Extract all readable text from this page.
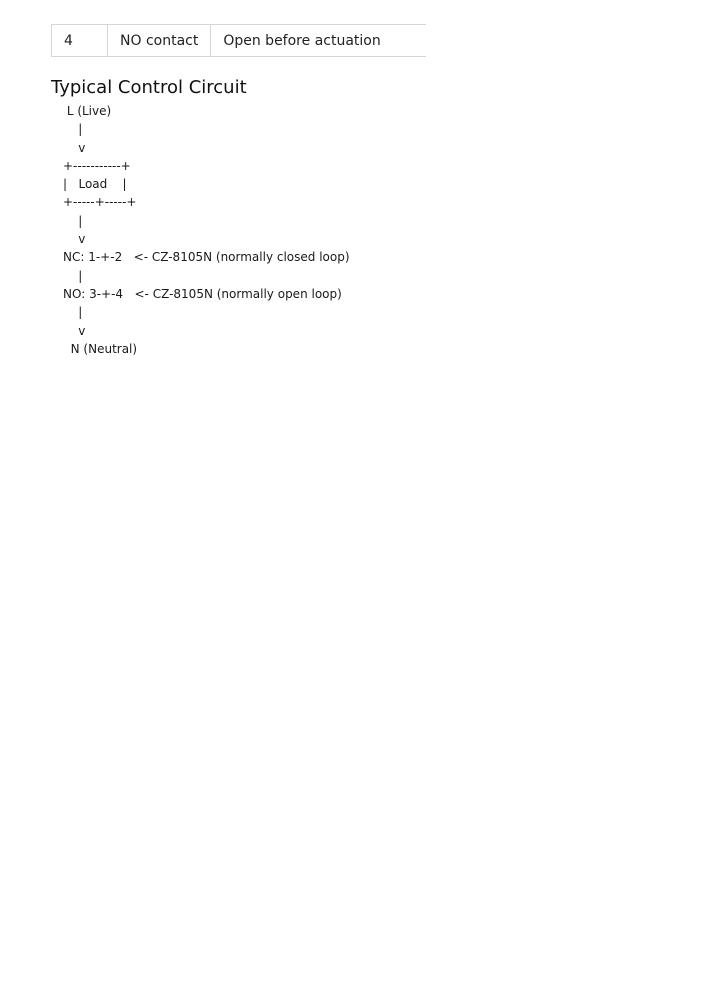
4	NO contact	Open before actuation
Typical Control Circuit
L (Live)
|
v
+-----------+
|   Load    |
+-----+-----+
|
v
NC: 1-+-2   <- CZ-8105N (normally closed loop)
|
NO: 3-+-4   <- CZ-8105N (normally open loop)
|
v
N (Neutral)
